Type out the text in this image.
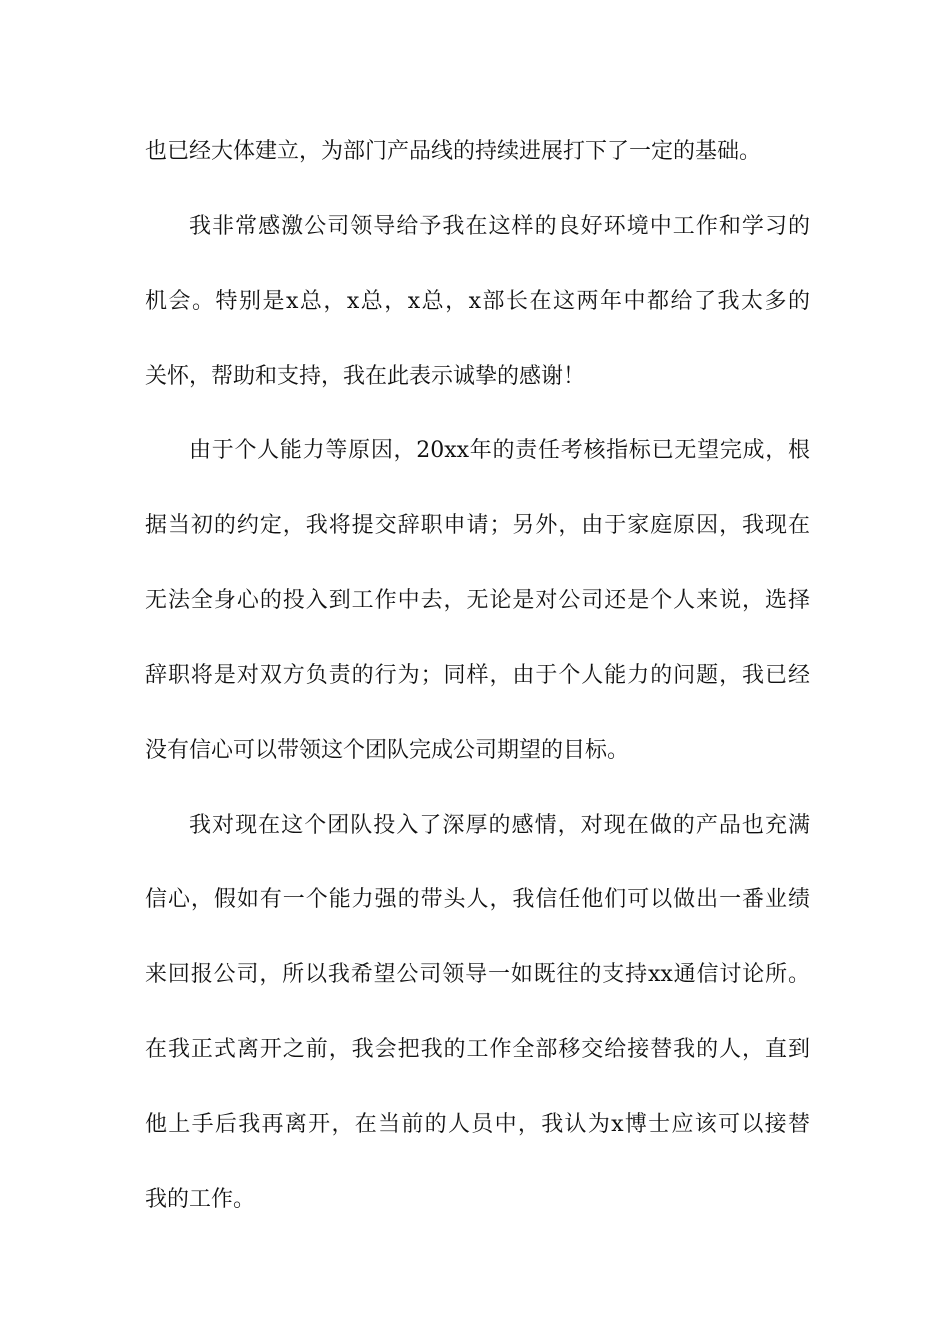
也已经大体建立，为部门产品线的持续进展打下了一定的基础。
我非常感激公司领导给予我在这样的良好环境中工作和学习的
机会。特别是x总，x总，x总，x部长在这两年中都给了我太多的
关怀，帮助和支持，我在此表示诚挚的感谢！
由于个人能力等原因，20xx年的责任考核指标已无望完成，根
据当初的约定，我将提交辞职申请；另外，由于家庭原因，我现在
无法全身心的投入到工作中去，无论是对公司还是个人来说，选择
辞职将是对双方负责的行为；同样，由于个人能力的问题，我已经
没有信心可以带领这个团队完成公司期望的目标。
我对现在这个团队投入了深厚的感情，对现在做的产品也充满
信心，假如有一个能力强的带头人，我信任他们可以做出一番业绩
来回报公司，所以我希望公司领导一如既往的支持xx通信讨论所。
在我正式离开之前，我会把我的工作全部移交给接替我的人，直到
他上手后我再离开，在当前的人员中，我认为x博士应该可以接替
我的工作。
